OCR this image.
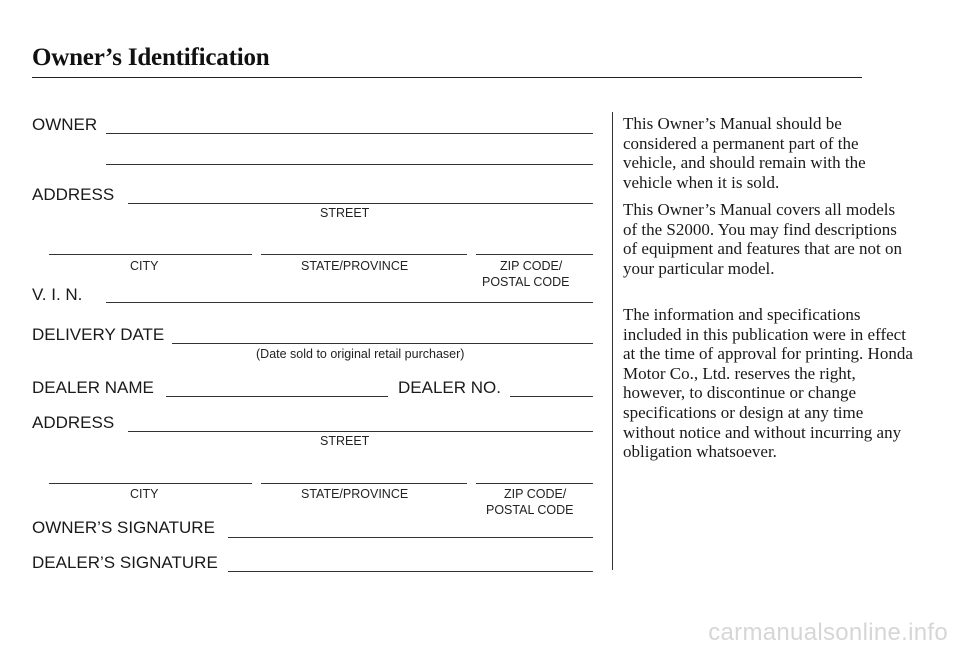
Owner’s Identification
OWNER
ADDRESS
STREET
CITY	STATE/PROVINCE	ZIP CODE/
POSTAL CODE
V. I. N.
DELIVERY DATE
(Date sold to original retail purchaser)
DEALER NAME	DEALER NO.
ADDRESS
STREET
CITY	STATE/PROVINCE	ZIP CODE/
POSTAL CODE
OWNER’S SIGNATURE
DEALER’S SIGNATURE
This Owner’s Manual should be considered a permanent part of the vehicle, and should remain with the vehicle when it is sold.
This Owner’s Manual covers all models of the S2000. You may find descriptions of equipment and features that are not on your particular model.
The information and specifications included in this publication were in effect at the time of approval for printing. Honda Motor Co., Ltd. reserves the right, however, to discontinue or change specifications or design at any time without notice and without incurring any obligation whatsoever.
carmanualsonline.info
